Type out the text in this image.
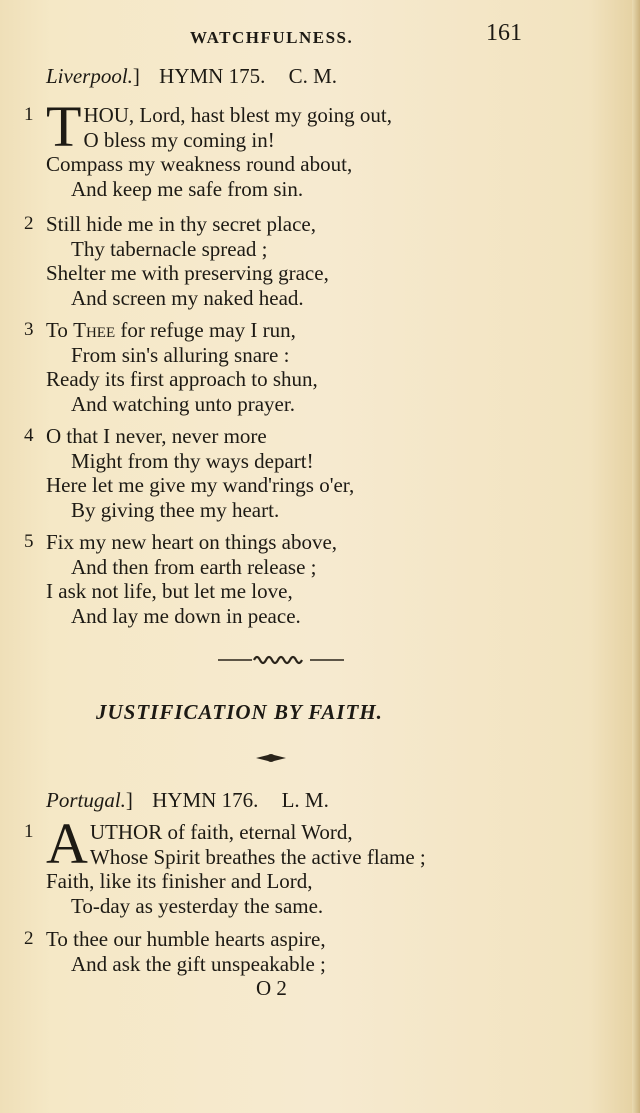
WATCHFULNESS.	161
Liverpool.] HYMN 175. C. M.
1 T HOU, Lord, hast blest my going out,
O bless my coming in!
Compass my weakness round about,
And keep me safe from sin.
2 Still hide me in thy secret place,
Thy tabernacle spread ;
Shelter me with preserving grace,
And screen my naked head.
3 To Thee for refuge may I run,
From sin's alluring snare :
Ready its first approach to shun,
And watching unto prayer.
4 O that I never, never more
Might from thy ways depart!
Here let me give my wand'rings o'er,
By giving thee my heart.
5 Fix my new heart on things above,
And then from earth release ;
I ask not life, but let me love,
And lay me down in peace.
JUSTIFICATION BY FAITH.
Portugal.] HYMN 176. L. M.
1 A UTHOR of faith, eternal Word,
Whose Spirit breathes the active flame ;
Faith, like its finisher and Lord,
To-day as yesterday the same.
2 To thee our humble hearts aspire,
And ask the gift unspeakable ;
O 2
